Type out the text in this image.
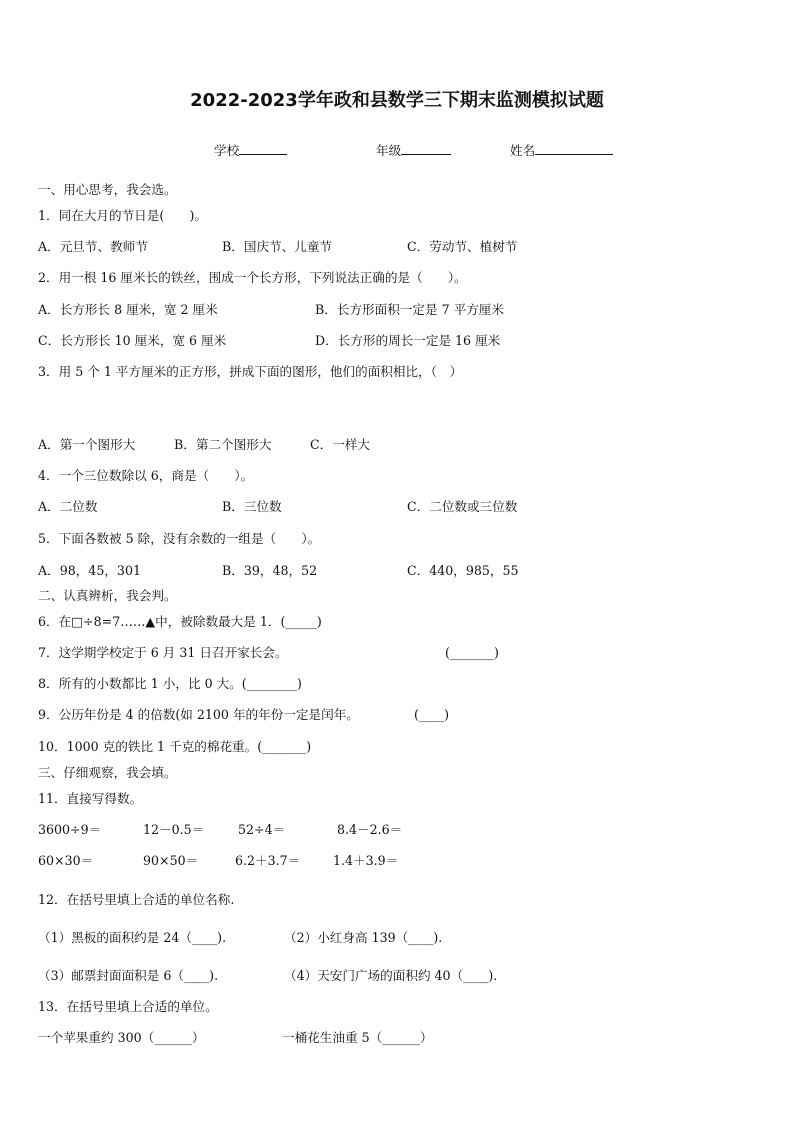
2022-2023学年政和县数学三下期末监测模拟试题
学校	年级	姓名
一、用心思考，我会选。
1．同在大月的节日是(　　)。
A．元旦节、教师节	B．国庆节、儿童节	C．劳动节、植树节
2．用一根 16 厘米长的铁丝，围成一个长方形，下列说法正确的是（　　）。
A．长方形长 8 厘米，宽 2 厘米	B．长方形面积一定是 7 平方厘米
C．长方形长 10 厘米，宽 6 厘米	D．长方形的周长一定是 16 厘米
3．用 5 个 1 平方厘米的正方形，拼成下面的图形，他们的面积相比，（　）
A．第一个图形大	B．第二个图形大	C．一样大
4．一个三位数除以 6，商是（　　）。
A．二位数	B．三位数	C．二位数或三位数
5．下面各数被 5 除，没有余数的一组是（　　）。
A．98，45，301	B．39，48，52	C．440，985，55
二、认真辨析，我会判。
6．在□÷8=7……▲中，被除数最大是 1．(_____)
7．这学期学校定于 6 月 31 日召开家长会。	(_______)
8．所有的小数都比 1 小，比 0 大。(________)
9．公历年份是 4 的倍数(如 2100 年的年份一定是闰年。	(____)
10．1000 克的铁比 1 千克的棉花重。(_______)
三、仔细观察，我会填。
11．直接写得数。
3600÷9＝	12－0.5＝	52÷4＝	8.4－2.6＝
60×30＝	90×50＝	6.2＋3.7＝	1.4＋3.9＝
12．在括号里填上合适的单位名称.
（1）黑板的面积约是 24（____).	（2）小红身高 139（____).
（3）邮票封面面积是 6（____).	（4）天安门广场的面积约 40（____).
13．在括号里填上合适的单位。
一个苹果重约 300（______）	一桶花生油重 5（______）
